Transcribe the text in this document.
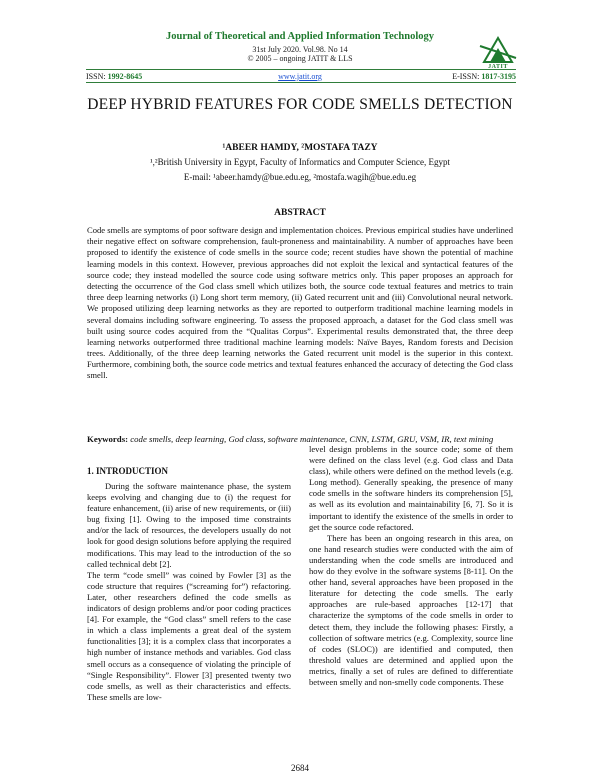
Journal of Theoretical and Applied Information Technology
31st July 2020. Vol.98. No 14
© 2005 – ongoing JATIT & LLS
JATIT
ISSN: 1992-8645	www.jatit.org	E-ISSN: 1817-3195
DEEP HYBRID FEATURES FOR CODE SMELLS DETECTION
¹ABEER HAMDY, ²MOSTAFA TAZY
¹,²British University in Egypt, Faculty of Informatics and Computer Science, Egypt
E-mail: ¹abeer.hamdy@bue.edu.eg, ²mostafa.wagih@bue.edu.eg
ABSTRACT
Code smells are symptoms of poor software design and implementation choices. Previous empirical studies have underlined their negative effect on software comprehension, fault-proneness and maintainability. A number of approaches have been proposed to identify the existence of code smells in the source code; recent studies have shown the potential of machine learning models in this context. However, previous approaches did not exploit the lexical and syntactical features of the source code; they instead modelled the source code using software metrics only. This paper proposes an approach for detecting the occurrence of the God class smell which utilizes both, the source code textual features and metrics to train three deep learning networks (i) Long short term memory, (ii) Gated recurrent unit and (iii) Convolutional neural network. We proposed utilizing deep learning networks as they are reported to outperform traditional machine learning models in several domains including software engineering. To assess the proposed approach, a dataset for the God class smell was built using source codes acquired from the “Qualitas Corpus”. Experimental results demonstrated that, the three deep learning networks outperformed three traditional machine learning models: Naïve Bayes, Random forests and Decision trees. Additionally, of the three deep learning networks the Gated recurrent unit model is the superior in this context. Furthermore, combining both, the source code metrics and textual features enhanced the accuracy of detecting the God class smell.
Keywords: code smells, deep learning, God class, software maintenance, CNN, LSTM, GRU, VSM, IR, text mining
1. INTRODUCTION

During the software maintenance phase, the system keeps evolving and changing due to (i) the request for feature enhancement, (ii) arise of new requirements, or (iii) bug fixing [1]. Owing to the imposed time constraints and/or the lack of resources, the developers usually do not look for good design solutions before applying the required modifications. This may lead to the introduction of the so called technical debt [2].

The term “code smell” was coined by Fowler [3] as the code structure that requires (“screaming for”) refactoring. Later, other researchers defined the code smells as indicators of design problems and/or poor coding practices [4]. For example, the “God class” smell refers to the case in which a class implements a great deal of the system functionalities [3]; it is a complex class that incorporates a high number of instance methods and variables. God class smell occurs as a consequence of violating the principle of “Single Responsibility”. Flower [3] presented twenty two code smells, as well as their characteristics and effects. These smells are low-

level design problems in the source code; some of them were defined on the class level (e.g. God class and Data class), while others were defined on the method levels (e.g. Long method). Generally speaking, the presence of many code smells in the software hinders its comprehension [5], as well as its evolution and maintainability [6, 7]. So it is important to identify the existence of the smells in order to get the source code refactored.

There has been an ongoing research in this area, on one hand research studies were conducted with the aim of understanding when the code smells are introduced and how do they evolve in the software systems [8-11]. On the other hand, several approaches have been proposed in the literature for detecting the code smells. The early approaches are rule-based approaches [12-17] that characterize the symptoms of the code smells in order to detect them, they include the following phases: Firstly, a collection of software metrics (e.g. Complexity, source line of codes (SLOC)) are identified and computed, then threshold values are determined and applied upon the metrics, finally a set of rules are defined to differentiate between smelly and non-smelly code components. These

2684
